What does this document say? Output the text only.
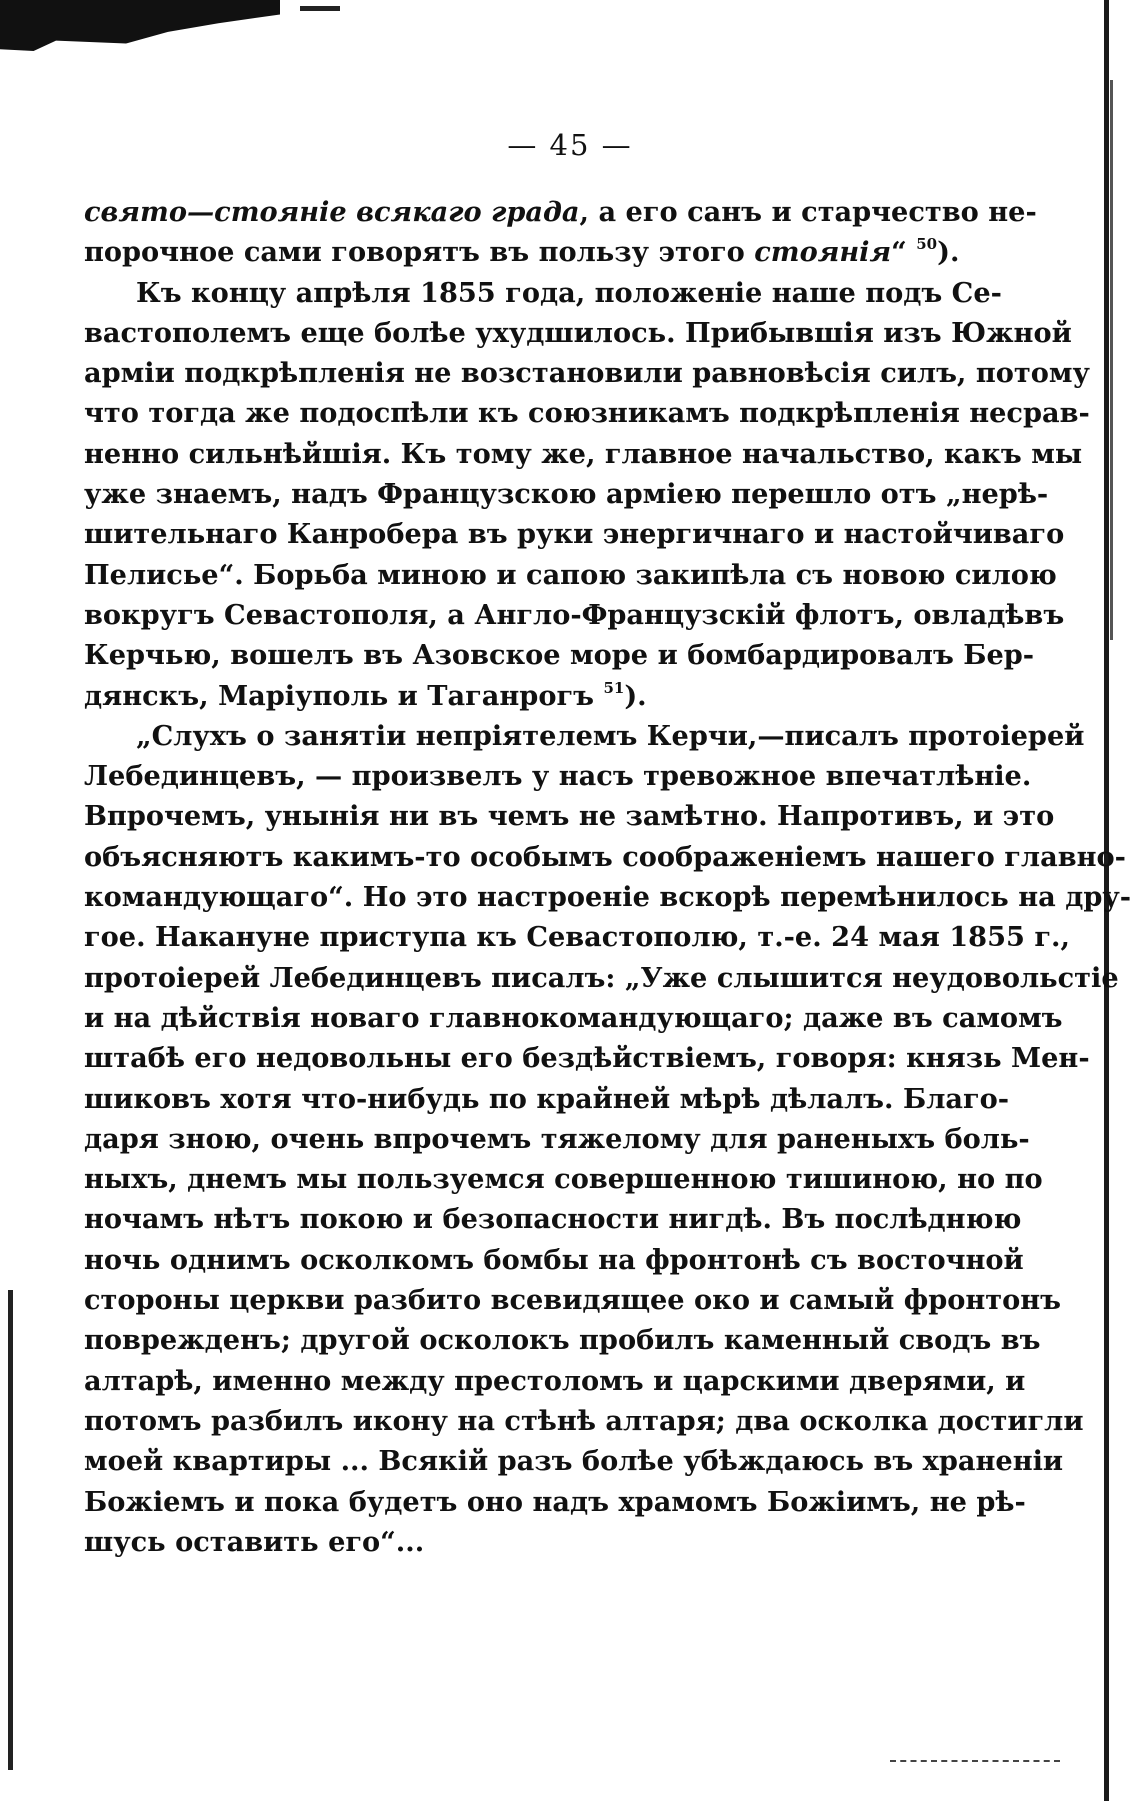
— 45 —
свято—стояніе всякаго града, а его санъ и старчество не-
порочное сами говорятъ въ пользу этого стоянія“ $^{50}$).
Къ концу апрѣля 1855 года, положеніе наше подъ Се-
вастополемъ еще болѣе ухудшилось. Прибывшія изъ Южной
арміи подкрѣпленія не возстановили равновѣсія силъ, потому
что тогда же подоспѣли къ союзникамъ подкрѣпленія несрав-
ненно сильнѣйшія. Къ тому же, главное начальство, какъ мы
уже знаемъ, надъ Французскою арміею перешло отъ „нерѣ-
шительнаго Канробера въ руки энергичнаго и настойчиваго
Пелисье“. Борьба миною и сапою закипѣла съ новою силою
вокругъ Севастополя, а Англо-Французскій флотъ, овладѣвъ
Керчью, вошелъ въ Азовское море и бомбардировалъ Бер-
дянскъ, Маріуполь и Таганрогъ $^{51}$).
„Слухъ о занятіи непріятелемъ Керчи,—писалъ протоіерей
Лебединцевъ, — произвелъ у насъ тревожное впечатлѣніе.
Впрочемъ, унынія ни въ чемъ не замѣтно. Напротивъ, и это
объясняютъ какимъ-то особымъ соображеніемъ нашего главно-
командующаго“. Но это настроеніе вскорѣ перемѣнилось на дру-
гое. Накануне приступа къ Севастополю, т.-е. 24 мая 1855 г.,
протоіерей Лебединцевъ писалъ: „Уже слышится неудовольстіе
и на дѣйствія новаго главнокомандующаго; даже въ самомъ
штабѣ его недовольны его бездѣйствіемъ, говоря: князь Мен-
шиковъ хотя что-нибудь по крайней мѣрѣ дѣлалъ. Благо-
даря зною, очень впрочемъ тяжелому для раненыхъ боль-
ныхъ, днемъ мы пользуемся совершенною тишиною, но по
ночамъ нѣтъ покою и безопасности нигдѣ. Въ послѣднюю
ночь однимъ осколкомъ бомбы на фронтонѣ съ восточной
стороны церкви разбито всевидящее око и самый фронтонъ
поврежденъ; другой осколокъ пробилъ каменный сводъ въ
алтарѣ, именно между престоломъ и царскими дверями, и
потомъ разбилъ икону на стѣнѣ алтаря; два осколка достигли
моей квартиры ... Всякій разъ болѣе убѣждаюсь въ храненіи
Божіемъ и пока будетъ оно надъ храмомъ Божіимъ, не рѣ-
шусь оставить его“...
